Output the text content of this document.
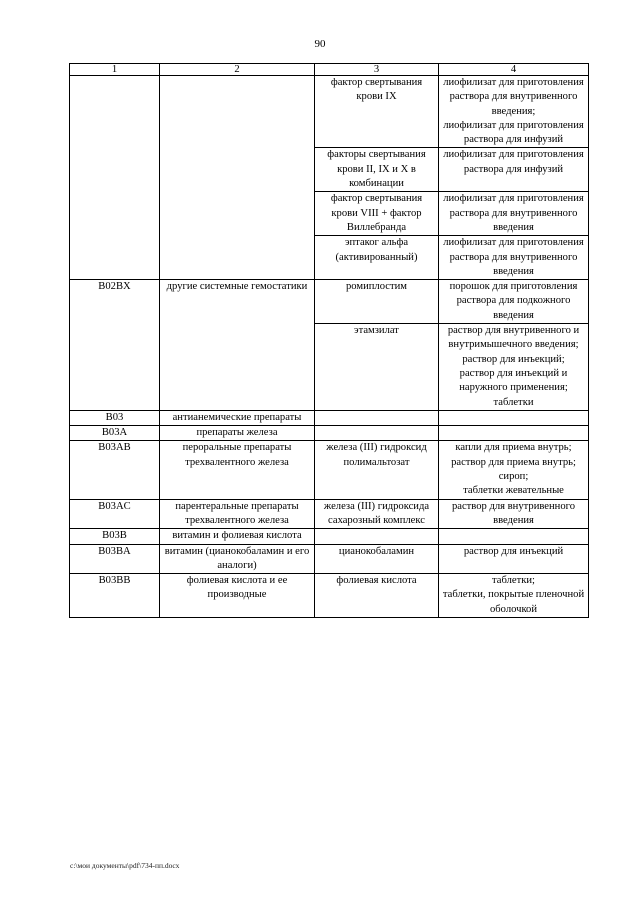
90
1	2	3	4
		фактор свертывания крови IX	лиофилизат для приготовления раствора для внутривенного введения;
лиофилизат для приготовления раствора для инфузий
		факторы свертывания крови II, IX и X в комбинации	лиофилизат для приготовления раствора для инфузий
		фактор свертывания крови VIII + фактор Виллебранда	лиофилизат для приготовления раствора для внутривенного введения
		эптаког альфа (активированный)	лиофилизат для приготовления раствора для внутривенного введения
B02BX	другие системные гемостатики	ромиплостим	порошок для приготовления раствора для подкожного введения
		этамзилат	раствор для внутривенного и внутримышечного введения;
раствор для инъекций;
раствор для инъекций и наружного применения;
таблетки
B03	антианемические препараты		
B03A	препараты железа		
B03AB	пероральные препараты трехвалентного железа	железа (III) гидроксид полимальтозат	капли для приема внутрь;
раствор для приема внутрь;
сироп;
таблетки жевательные
B03AC	парентеральные препараты трехвалентного железа	железа (III) гидроксида сахарозный комплекс	раствор для внутривенного введения
B03B	витамин и фолиевая кислота		
B03BA	витамин (цианокобаламин и его аналоги)	цианокобаламин	раствор для инъекций
B03BB	фолиевая кислота и ее производные	фолиевая кислота	таблетки;
таблетки, покрытые пленочной оболочкой
c:\мои документы\pdf\734-пп.docx
